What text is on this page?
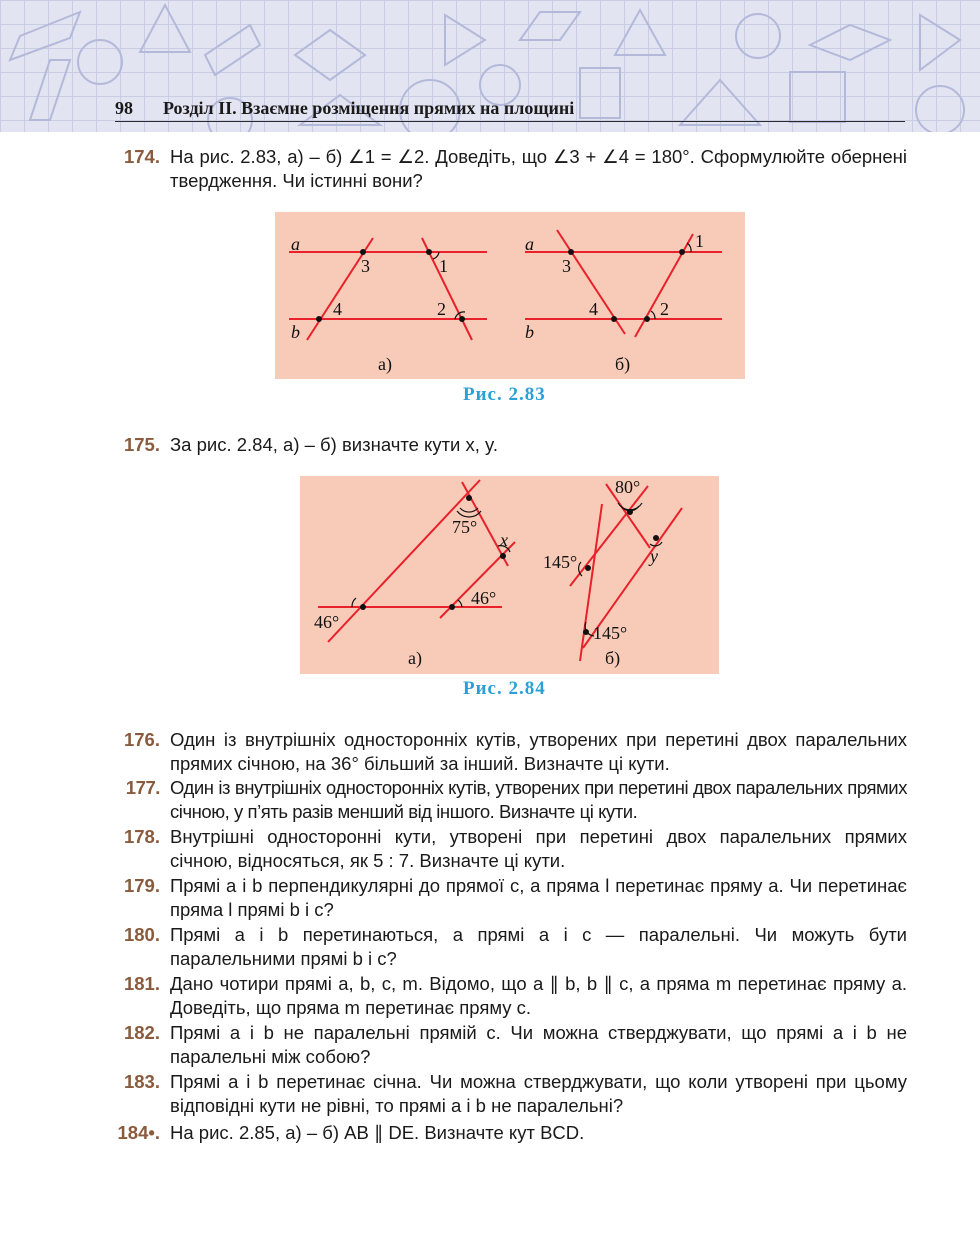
98 Розділ ІІ. Взаємне розміщення прямих на площині
174. На рис. 2.83, а) – б) ∠1 = ∠2. Доведіть, що ∠3 + ∠4 = 180°. Сформулюйте обернені твердження. Чи істинні вони?
a
b
a
b
3	1
4	2
а)
3
1
4	2
б)
Рис. 2.83
175. За рис. 2.84, а) – б) визначте кути x, y.
75°
x
46°
46°
а)
80°
y
145°
145°
б)
Рис. 2.84
176. Один із внутрішніх односторонніх кутів, утворених при перетині двох паралельних прямих січною, на 36° більший за інший. Визначте ці кути.
177. Один із внутрішніх односторонніх кутів, утворених при перетині двох паралельних прямих січною, у п’ять разів менший від іншого. Визначте ці кути.
178. Внутрішні односторонні кути, утворені при перетині двох паралельних прямих січною, відносяться, як 5 : 7. Визначте ці кути.
179. Прямі a і b перпендикулярні до прямої c, а пряма l перетинає пряму a. Чи перетинає пряма l прямі b і c?
180. Прямі a і b перетинаються, а прямі a і c — паралельні. Чи можуть бути паралельними прямі b і c?
181. Дано чотири прямі a, b, c, m. Відомо, що a ∥ b, b ∥ c, а пряма m перетинає пряму a. Доведіть, що пряма m перетинає пряму c.
182. Прямі a і b не паралельні прямій c. Чи можна стверджувати, що прямі a і b не паралельні між собою?
183. Прямі a і b перетинає січна. Чи можна стверджувати, що коли утворені при цьому відповідні кути не рівні, то прямі a і b не паралельні?
184•. На рис. 2.85, а) – б) AB ∥ DE. Визначте кут BCD.
